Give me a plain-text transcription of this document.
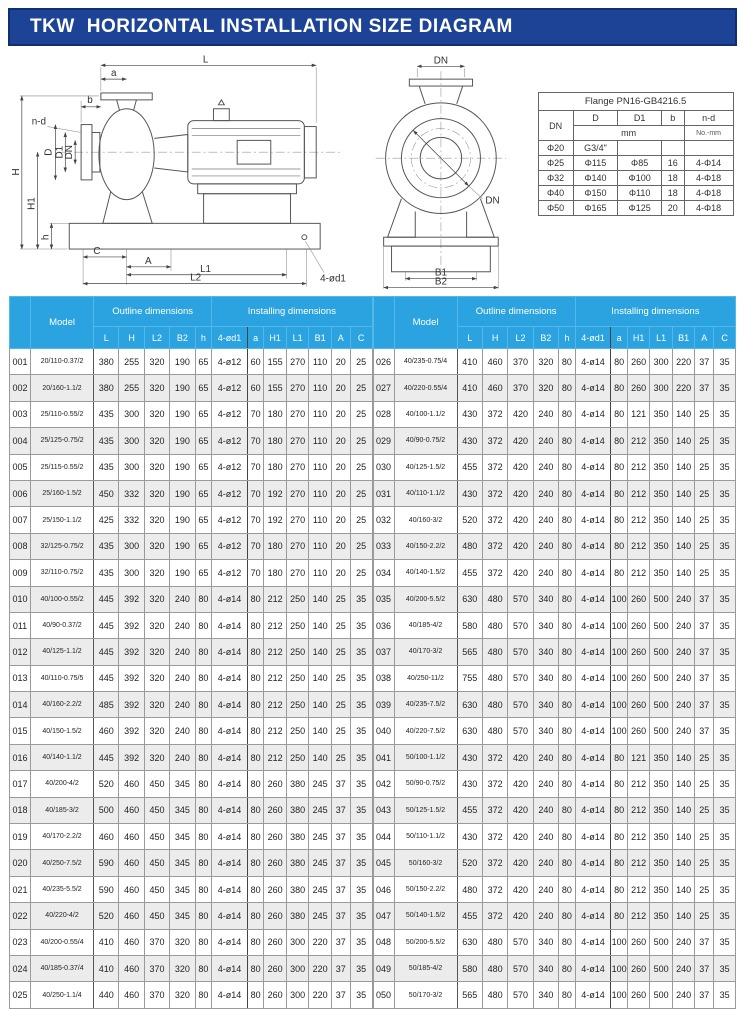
TKW HORIZONTAL INSTALLATION SIZE DIAGRAM
L
a
b
n-d
H
H1
D D1
DN
h
C
A
L1
L2	4-ød1
DN
DN
B1
B2
Flange PN16-GB4216.5				
DN	D	D1	b	n-d
	mm			No.-mm
Φ20	G3/4"			
Φ25	Φ115	Φ85	16	4-Φ14
Φ32	Φ140	Φ100	18	4-Φ18
Φ40	Φ150	Φ110	18	4-Φ18
Φ50	Φ165	Φ125	20	4-Φ18
	Model	Outline dimensions					Installing dimensions						
		L	H	L2	B2	h	4-ød1	a	H1	L1	B1	A	C
001	20/110-0.37/2	380	255	320	190	65	4-ø12	60	155	270	110	20	25
002	20/160-1.1/2	380	255	320	190	65	4-ø12	60	155	270	110	20	25
003	25/110-0.55/2	435	300	320	190	65	4-ø12	70	180	270	110	20	25
004	25/125-0.75/2	435	300	320	190	65	4-ø12	70	180	270	110	20	25
005	25/115-0.55/2	435	300	320	190	65	4-ø12	70	180	270	110	20	25
006	25/160-1.5/2	450	332	320	190	65	4-ø12	70	192	270	110	20	25
007	25/150-1.1/2	425	332	320	190	65	4-ø12	70	192	270	110	20	25
008	32/125-0.75/2	435	300	320	190	65	4-ø12	70	180	270	110	20	25
009	32/110-0.75/2	435	300	320	190	65	4-ø12	70	180	270	110	20	25
010	40/100-0.55/2	445	392	320	240	80	4-ø14	80	212	250	140	25	35
011	40/90-0.37/2	445	392	320	240	80	4-ø14	80	212	250	140	25	35
012	40/125-1.1/2	445	392	320	240	80	4-ø14	80	212	250	140	25	35
013	40/110-0.75/5	445	392	320	240	80	4-ø14	80	212	250	140	25	35
014	40/160-2.2/2	485	392	320	240	80	4-ø14	80	212	250	140	25	35
015	40/150-1.5/2	460	392	320	240	80	4-ø14	80	212	250	140	25	35
016	40/140-1.1/2	445	392	320	240	80	4-ø14	80	212	250	140	25	35
017	40/200-4/2	520	460	450	345	80	4-ø14	80	260	380	245	37	35
018	40/185-3/2	500	460	450	345	80	4-ø14	80	260	380	245	37	35
019	40/170-2.2/2	460	460	450	345	80	4-ø14	80	260	380	245	37	35
020	40/250-7.5/2	590	460	450	345	80	4-ø14	80	260	380	245	37	35
021	40/235-5.5/2	590	460	450	345	80	4-ø14	80	260	380	245	37	35
022	40/220-4/2	520	460	450	345	80	4-ø14	80	260	380	245	37	35
023	40/200-0.55/4	410	460	370	320	80	4-ø14	80	260	300	220	37	35
024	40/185-0.37/4	410	460	370	320	80	4-ø14	80	260	300	220	37	35
025	40/250-1.1/4	440	460	370	320	80	4-ø14	80	260	300	220	37	35
	Model	Outline dimensions					Installing dimensions						
		L	H	L2	B2	h	4-ød1	a	H1	L1	B1	A	C
026	40/235-0.75/4	410	460	370	320	80	4-ø14	80	260	300	220	37	35
027	40/220-0.55/4	410	460	370	320	80	4-ø14	80	260	300	220	37	35
028	40/100-1.1/2	430	372	420	240	80	4-ø14	80	121	350	140	25	35
029	40/90-0.75/2	430	372	420	240	80	4-ø14	80	212	350	140	25	35
030	40/125-1.5/2	455	372	420	240	80	4-ø14	80	212	350	140	25	35
031	40/110-1.1/2	430	372	420	240	80	4-ø14	80	212	350	140	25	35
032	40/160-3/2	520	372	420	240	80	4-ø14	80	212	350	140	25	35
033	40/150-2.2/2	480	372	420	240	80	4-ø14	80	212	350	140	25	35
034	40/140-1.5/2	455	372	420	240	80	4-ø14	80	212	350	140	25	35
035	40/200-5.5/2	630	480	570	340	80	4-ø14	100	260	500	240	37	35
036	40/185-4/2	580	480	570	340	80	4-ø14	100	260	500	240	37	35
037	40/170-3/2	565	480	570	340	80	4-ø14	100	260	500	240	37	35
038	40/250-11/2	755	480	570	340	80	4-ø14	100	260	500	240	37	35
039	40/235-7.5/2	630	480	570	340	80	4-ø14	100	260	500	240	37	35
040	40/220-7.5/2	630	480	570	340	80	4-ø14	100	260	500	240	37	35
041	50/100-1.1/2	430	372	420	240	80	4-ø14	80	121	350	140	25	35
042	50/90-0.75/2	430	372	420	240	80	4-ø14	80	212	350	140	25	35
043	50/125-1.5/2	455	372	420	240	80	4-ø14	80	212	350	140	25	35
044	50/110-1.1/2	430	372	420	240	80	4-ø14	80	212	350	140	25	35
045	50/160-3/2	520	372	420	240	80	4-ø14	80	212	350	140	25	35
046	50/150-2.2/2	480	372	420	240	80	4-ø14	80	212	350	140	25	35
047	50/140-1.5/2	455	372	420	240	80	4-ø14	80	212	350	140	25	35
048	50/200-5.5/2	630	480	570	340	80	4-ø14	100	260	500	240	37	35
049	50/185-4/2	580	480	570	340	80	4-ø14	100	260	500	240	37	35
050	50/170-3/2	565	480	570	340	80	4-ø14	100	260	500	240	37	35
